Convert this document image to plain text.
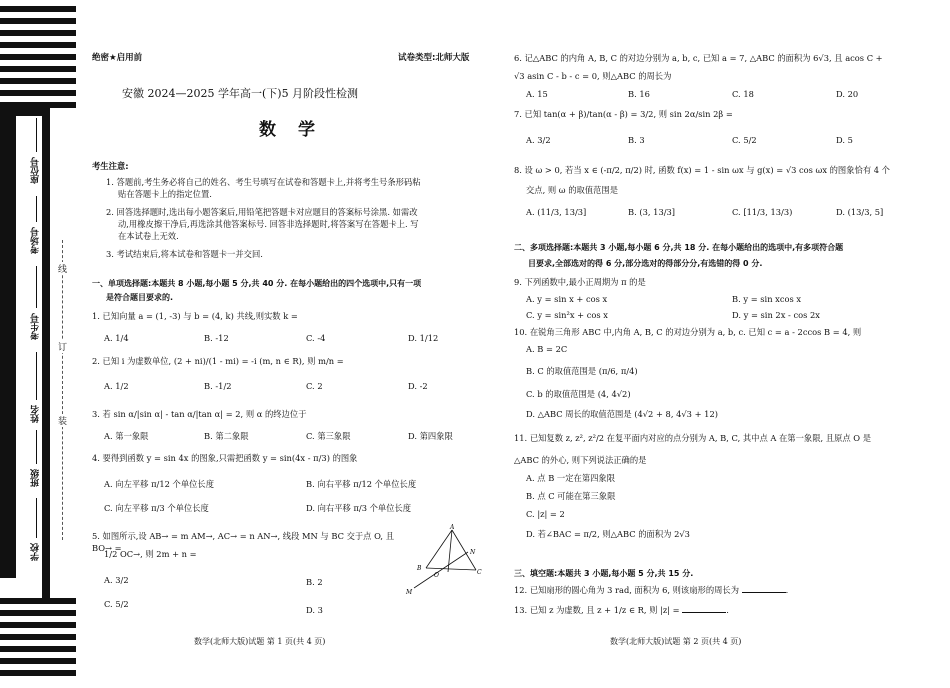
座位号
考场号
考生号
姓名
班级
学校
线
订
装
绝密★启用前	试卷类型:北师大版
安徽 2024—2025 学年高一(下)5 月阶段性检测
数 学
考生注意:
1. 答题前,考生务必将自己的姓名、考生号填写在试卷和答题卡上,并将考生号条形码粘
贴在答题卡上的指定位置.
2. 回答选择题时,选出每小题答案后,用铅笔把答题卡对应题目的答案标号涂黑. 如需改
动,用橡皮擦干净后,再选涂其他答案标号. 回答非选择题时,将答案写在答题卡上. 写
在本试卷上无效.
3. 考试结束后,将本试卷和答题卡一并交回.
一、单项选择题:本题共 8 小题,每小题 5 分,共 40 分. 在每小题给出的四个选项中,只有一项
是符合题目要求的.
1. 已知向量 a = (1, -3) 与 b = (4, k) 共线,则实数 k =
A. 1/4	B. -12	C. -4	D. 1/12
2. 已知 i 为虚数单位, (2 + ni)/(1 - mi) = -i (m, n ∈ R), 则 m/n =
A. 1/2	B. -1/2	C. 2	D. -2
3. 若 sin α/|sin α| - tan α/|tan α| = 2, 则 α 的终边位于
A. 第一象限	B. 第二象限	C. 第三象限	D. 第四象限
4. 要得到函数 y = sin 4x 的图象,只需把函数 y = sin(4x - π/3) 的图象
A. 向左平移 π/12 个单位长度	B. 向右平移 π/12 个单位长度
C. 向左平移 π/3 个单位长度	D. 向右平移 π/3 个单位长度
5. 如图所示,设 AB→ = m AM→, AC→ = n AN→, 线段 MN 与 BC 交于点 O, 且 BO→ =
1/2 OC→, 则 2m + n =
A. 3/2	B. 2
C. 5/2
D. 3
A
B
C
O
N
M
数学(北师大版)试题 第 1 页(共 4 页)
6. 记△ABC 的内角 A, B, C 的对边分别为 a, b, c, 已知 a = 7, △ABC 的面积为 6√3, 且 acos C +
√3 asin C - b - c = 0, 则△ABC 的周长为
A. 15	B. 16	C. 18	D. 20
7. 已知 tan(α + β)/tan(α - β) = 3/2, 则 sin 2α/sin 2β =
A. 3/2	B. 3	C. 5/2	D. 5
8. 设 ω > 0, 若当 x ∈ (-π/2, π/2) 时, 函数 f(x) = 1 - sin ωx 与 g(x) = √3 cos ωx 的图象恰有 4 个
交点, 则 ω 的取值范围是
A. (11/3, 13/3]	B. (3, 13/3]	C. [11/3, 13/3)	D. (13/3, 5]
二、多项选择题:本题共 3 小题,每小题 6 分,共 18 分. 在每小题给出的选项中,有多项符合题
目要求,全部选对的得 6 分,部分选对的得部分分,有选错的得 0 分.
9. 下列函数中,最小正周期为 π 的是
A. y = sin x + cos x	B. y = sin xcos x
C. y = sin²x + cos x	D. y = sin 2x - cos 2x
10. 在锐角三角形 ABC 中,内角 A, B, C 的对边分别为 a, b, c. 已知 c = a - 2ccos B = 4, 则
A. B = 2C
B. C 的取值范围是 (π/6, π/4)
C. b 的取值范围是 (4, 4√2)
D. △ABC 周长的取值范围是 (4√2 + 8, 4√3 + 12)
11. 已知复数 z, z², z²/2 在复平面内对应的点分别为 A, B, C, 其中点 A 在第一象限, 且原点 O 是
△ABC 的外心, 则下列说法正确的是
A. 点 B 一定在第四象限
B. 点 C 可能在第三象限
C. |z| = 2
D. 若∠BAC = π/2, 则△ABC 的面积为 2√3
三、填空题:本题共 3 小题,每小题 5 分,共 15 分.
12. 已知扇形的圆心角为 3 rad, 面积为 6, 则该扇形的周长为	.
13. 已知 z 为虚数, 且 z + 1/z ∈ R, 则 |z| =	.
数学(北师大版)试题 第 2 页(共 4 页)
